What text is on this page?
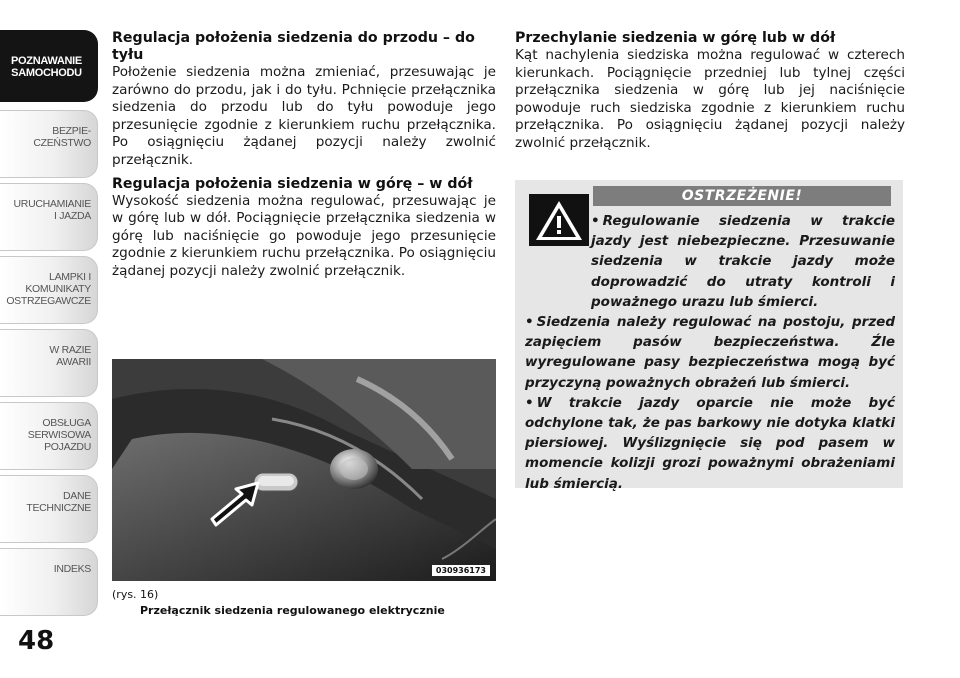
POZNAWANIE
SAMOCHODU
BEZPIE-
CZEŃSTWO
URUCHAMIANIE
I JAZDA
LAMPKI I
KOMUNIKATY
OSTRZEGAWCZE
W RAZIE
AWARII
OBSŁUGA
SERWISOWA
POJAZDU
DANE
TECHNICZNE
INDEKS
48
Regulacja położenia siedzenia do przodu – do tyłu

Położenie siedzenia można zmieniać, przesuwając je zarówno do przodu, jak i do tyłu. Pchnięcie przełącznika siedzenia do przodu lub do tyłu powoduje jego przesunięcie zgodnie z kierunkiem ruchu przełącznika. Po osiągnięciu żądanej pozycji należy zwolnić przełącznik.

Regulacja położenia siedzenia w górę – w dół

Wysokość siedzenia można regulować, przesuwając je w górę lub w dół. Pociągnięcie przełącznika siedzenia w górę lub naciśnięcie go powoduje jego przesunięcie zgodnie z kierunkiem ruchu przełącznika. Po osiągnięciu żądanej pozycji należy zwolnić przełącznik.

030936173
(rys. 16)
Przełącznik siedzenia regulowanego elektrycznie
Przechylanie siedzenia w górę lub w dół

Kąt nachylenia siedziska można regulować w czterech kierunkach. Pociągnięcie przedniej lub tylnej części przełącznika siedzenia w górę lub jej naciśnięcie powoduje ruch siedziska zgodnie z kierunkiem ruchu przełącznika. Po osiągnięciu żądanej pozycji należy zwolnić przełącznik.

OSTRZEŻENIE!

• Regulowanie siedzenia w trakcie jazdy jest niebezpieczne. Przesuwanie siedzenia w trakcie jazdy może doprowadzić do utraty kontroli i poważnego urazu lub śmierci.

• Siedzenia należy regulować na postoju, przed zapięciem pasów bezpieczeństwa. Źle wyregulowane pasy bezpieczeństwa mogą być przyczyną poważnych obrażeń lub śmierci.

• W trakcie jazdy oparcie nie może być odchylone tak, że pas barkowy nie dotyka klatki piersiowej. Wyślizgnięcie się pod pasem w momencie kolizji grozi poważnymi obrażeniami lub śmiercią.
